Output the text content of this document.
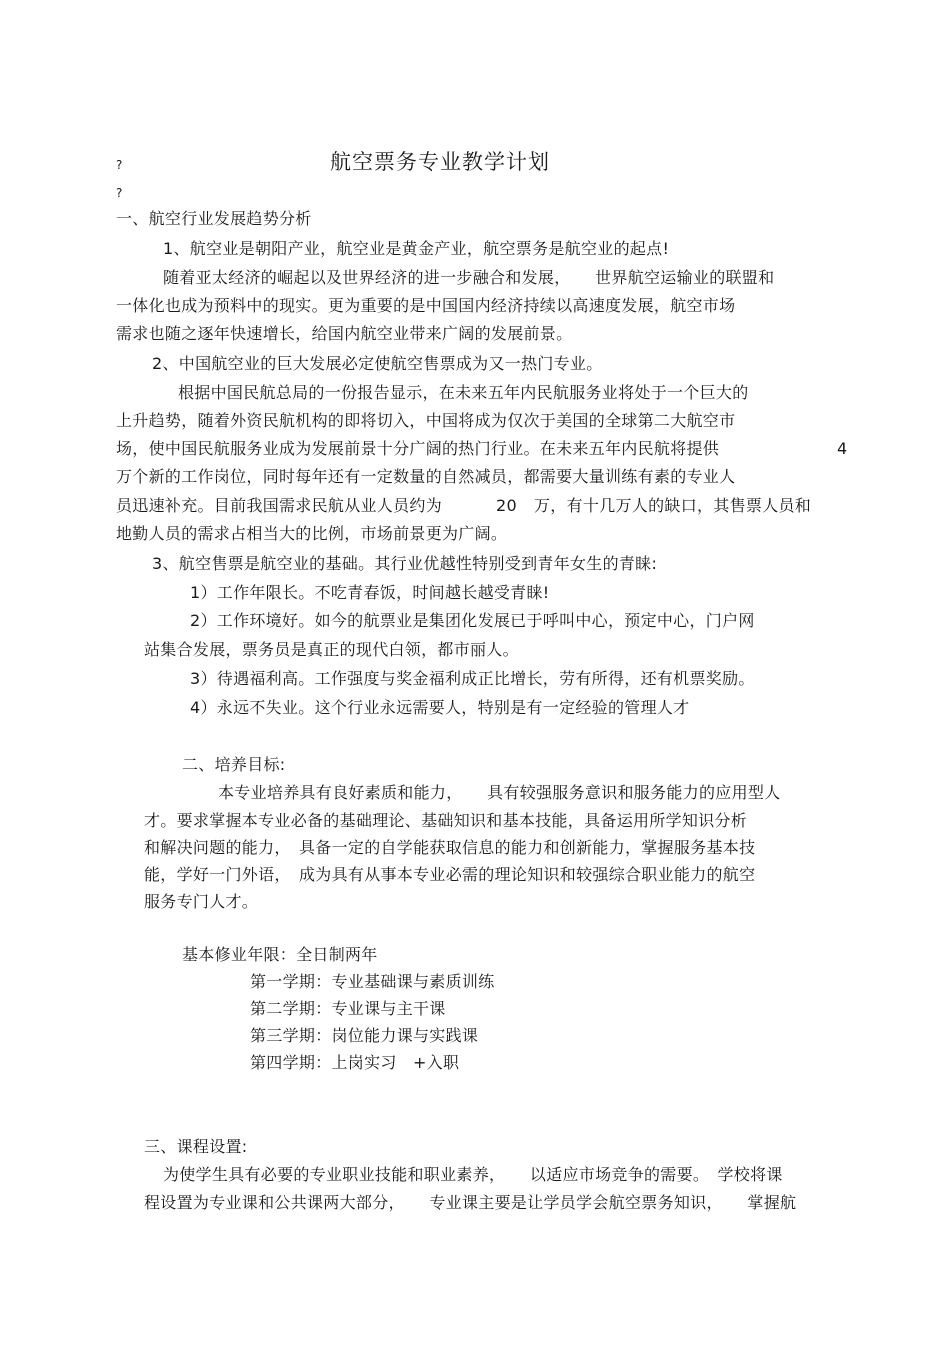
?
?
航空票务专业教学计划
一、航空行业发展趋势分析
1、航空业是朝阳产业，航空业是黄金产业，航空票务是航空业的起点!
随着亚太经济的崛起以及世界经济的进一步融合和发展，　　世界航空运输业的联盟和
一体化也成为预料中的现实。更为重要的是中国国内经济持续以高速度发展，航空市场
需求也随之逐年快速增长，给国内航空业带来广阔的发展前景。
2、中国航空业的巨大发展必定使航空售票成为又一热门专业。
根据中国民航总局的一份报告显示，在未来五年内民航服务业将处于一个巨大的
上升趋势，随着外资民航机构的即将切入，中国将成为仅次于美国的全球第二大航空市
场，使中国民航服务业成为发展前景十分广阔的热门行业。在未来五年内民航将提供	4
万个新的工作岗位，同时每年还有一定数量的自然减员，都需要大量训练有素的专业人
员迅速补充。目前我国需求民航从业人员约为	20 万，有十几万人的缺口，其售票人员和
地勤人员的需求占相当大的比例，市场前景更为广阔。
3、航空售票是航空业的基础。其行业优越性特别受到青年女生的青睐:
1）工作年限长。不吃青春饭，时间越长越受青睐!
2）工作环境好。如今的航票业是集团化发展已于呼叫中心，预定中心，门户网
站集合发展，票务员是真正的现代白领，都市丽人。
3）待遇福利高。工作强度与奖金福利成正比增长，劳有所得，还有机票奖励。
4）永远不失业。这个行业永远需要人，特别是有一定经验的管理人才
二、培养目标:
本专业培养具有良好素质和能力，　　具有较强服务意识和服务能力的应用型人
才。要求掌握本专业必备的基础理论、基础知识和基本技能，具备运用所学知识分析
和解决问题的能力，　具备一定的自学能获取信息的能力和创新能力，掌握服务基本技
能，学好一门外语，　成为具有从事本专业必需的理论知识和较强综合职业能力的航空
服务专门人才。
基本修业年限：全日制两年
第一学期：专业基础课与素质训练
第二学期：专业课与主干课
第三学期：岗位能力课与实践课
第四学期：上岗实习　+入职
三、课程设置:
为使学生具有必要的专业职业技能和职业素养，　　以适应市场竞争的需要。　学校将课
程设置为专业课和公共课两大部分，　　专业课主要是让学员学会航空票务知识，　　掌握航
